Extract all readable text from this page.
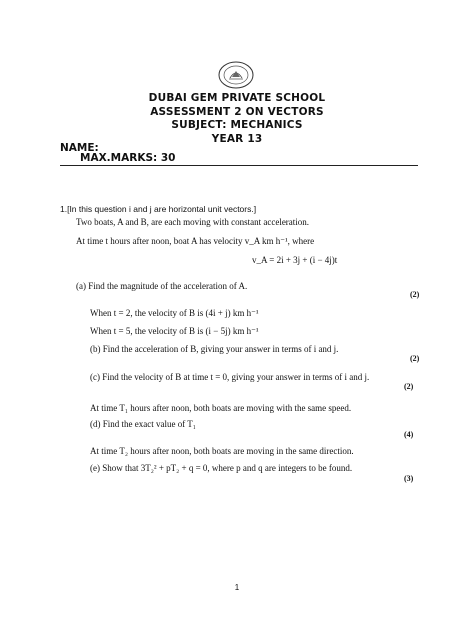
DUBAI GEM PRIVATE SCHOOL
ASSESSMENT 2 ON VECTORS
SUBJECT: MECHANICS
YEAR 13
NAME:
MAX.MARKS: 30
1.[In this question i and j are horizontal unit vectors.]
Two boats, A and B, are each moving with constant acceleration.
At time t hours after noon, boat A has velocity v_A km h⁻¹, where
v_A = 2i + 3j + (i − 4j)t
(a) Find the magnitude of the acceleration of A.
(2)
When t = 2, the velocity of B is (4i + j) km h⁻¹
When t = 5, the velocity of B is (i − 5j) km h⁻¹
(b) Find the acceleration of B, giving your answer in terms of i and j.
(2)
(c) Find the velocity of B at time t = 0, giving your answer in terms of i and j.
(2)
At time T₁ hours after noon, both boats are moving with the same speed.
(d) Find the exact value of T₁
(4)
At time T₂ hours after noon, both boats are moving in the same direction.
(e) Show that 3T₂² + pT₂ + q = 0, where p and q are integers to be found.
(3)
1
